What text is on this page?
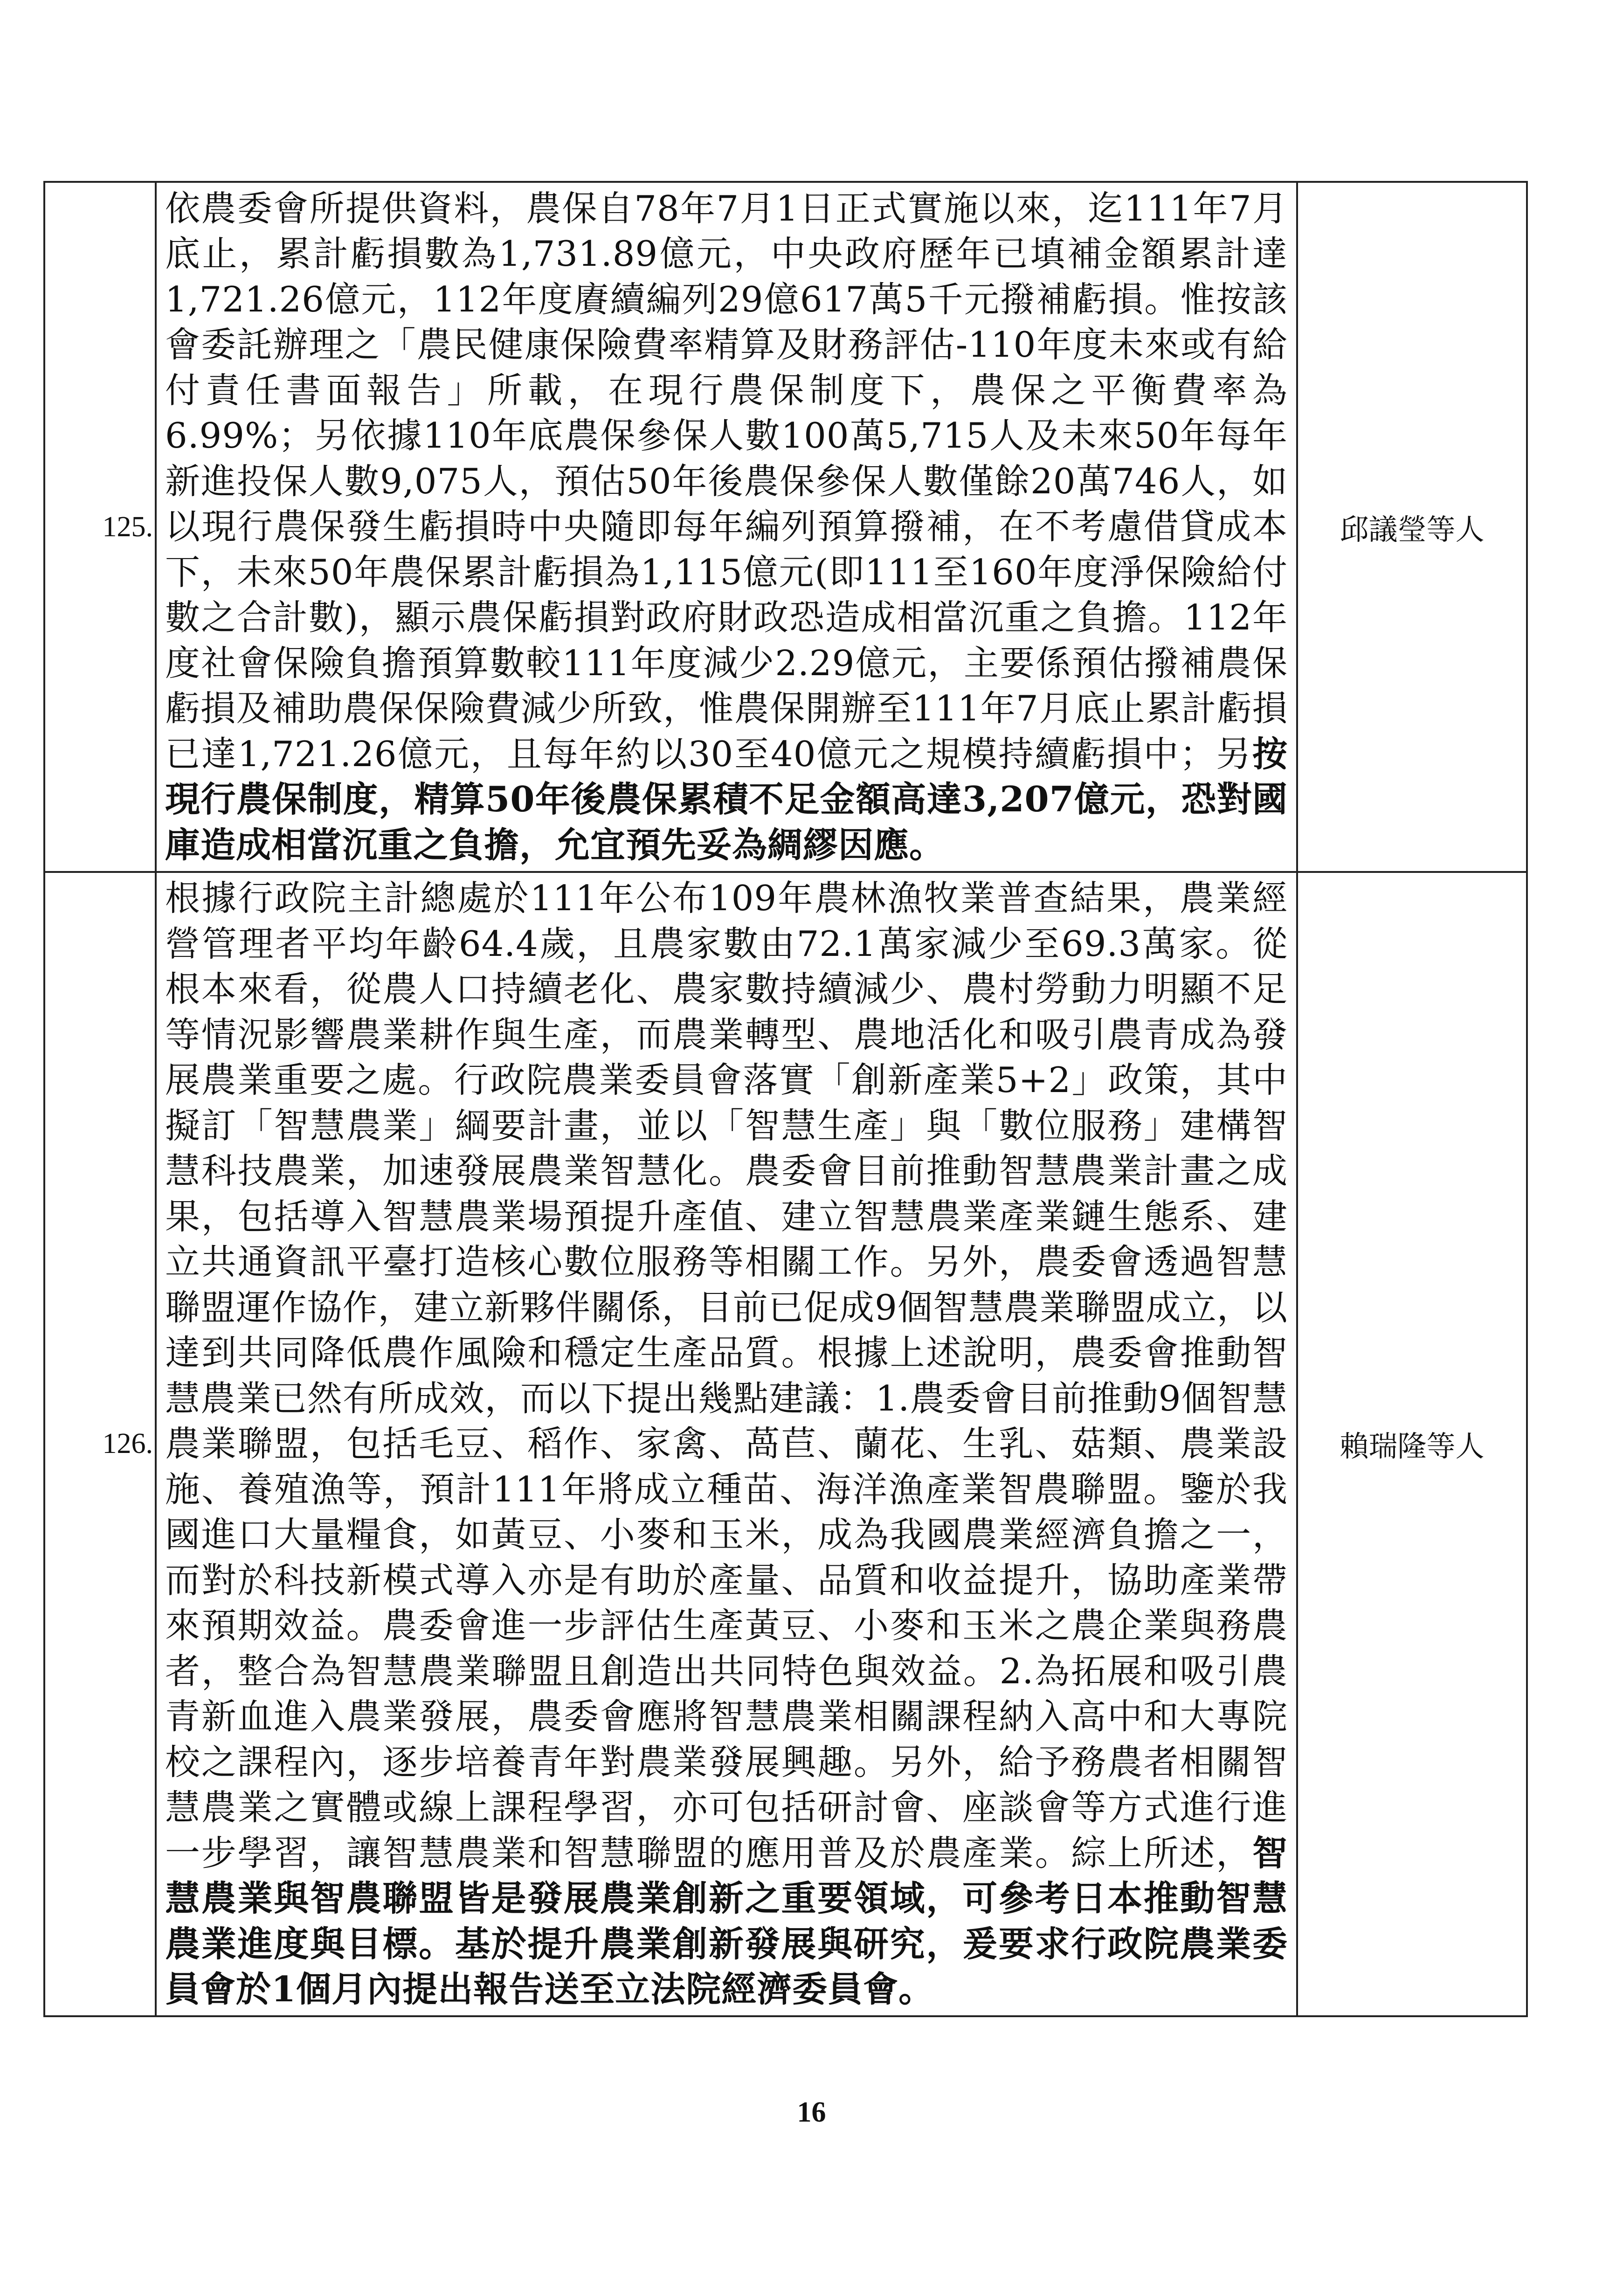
125.	依農委會所提供資料，農保自78年7月1日正式實施以來，迄111年7月底止，累計虧損數為1,731.89億元，中央政府歷年已填補金額累計達1,721.26億元，112年度賡續編列29億617萬5千元撥補虧損。惟按該會委託辦理之「農民健康保險費率精算及財務評估-110年度未來或有給付責任書面報告」所載，在現行農保制度下，農保之平衡費率為6.99%；另依據110年底農保參保人數100萬5,715人及未來50年每年新進投保人數9,075人，預估50年後農保參保人數僅餘20萬746人，如以現行農保發生虧損時中央隨即每年編列預算撥補，在不考慮借貸成本下，未來50年農保累計虧損為1,115億元(即111至160年度淨保險給付數之合計數)，顯示農保虧損對政府財政恐造成相當沉重之負擔。112年度社會保險負擔預算數較111年度減少2.29億元，主要係預估撥補農保虧損及補助農保保險費減少所致，惟農保開辦至111年7月底止累計虧損已達1,721.26億元，且每年約以30至40億元之規模持續虧損中；另按現行農保制度，精算50年後農保累積不足金額高達3,207億元，恐對國庫造成相當沉重之負擔，允宜預先妥為綢繆因應。	邱議瑩等人
126.	根據行政院主計總處於111年公布109年農林漁牧業普查結果，農業經營管理者平均年齡64.4歲，且農家數由72.1萬家減少至69.3萬家。從根本來看，從農人口持續老化、農家數持續減少、農村勞動力明顯不足等情況影響農業耕作與生產，而農業轉型、農地活化和吸引農青成為發展農業重要之處。行政院農業委員會落實「創新產業5+2」政策，其中擬訂「智慧農業」綱要計畫，並以「智慧生產」與「數位服務」建構智慧科技農業，加速發展農業智慧化。農委會目前推動智慧農業計畫之成果，包括導入智慧農業場預提升產值、建立智慧農業產業鏈生態系、建立共通資訊平臺打造核心數位服務等相關工作。另外，農委會透過智慧聯盟運作協作，建立新夥伴關係，目前已促成9個智慧農業聯盟成立，以達到共同降低農作風險和穩定生產品質。根據上述說明，農委會推動智慧農業已然有所成效，而以下提出幾點建議：1.農委會目前推動9個智慧農業聯盟，包括毛豆、稻作、家禽、萵苣、蘭花、生乳、菇類、農業設施、養殖漁等，預計111年將成立種苗、海洋漁產業智農聯盟。鑒於我國進口大量糧食，如黃豆、小麥和玉米，成為我國農業經濟負擔之一，而對於科技新模式導入亦是有助於產量、品質和收益提升，協助產業帶來預期效益。農委會進一步評估生產黃豆、小麥和玉米之農企業與務農者，整合為智慧農業聯盟且創造出共同特色與效益。2.為拓展和吸引農青新血進入農業發展，農委會應將智慧農業相關課程納入高中和大專院校之課程內，逐步培養青年對農業發展興趣。另外，給予務農者相關智慧農業之實體或線上課程學習，亦可包括研討會、座談會等方式進行進一步學習，讓智慧農業和智慧聯盟的應用普及於農產業。綜上所述，智慧農業與智農聯盟皆是發展農業創新之重要領域，可參考日本推動智慧農業進度與目標。基於提升農業創新發展與研究，爰要求行政院農業委員會於1個月內提出報告送至立法院經濟委員會。	賴瑞隆等人
16
